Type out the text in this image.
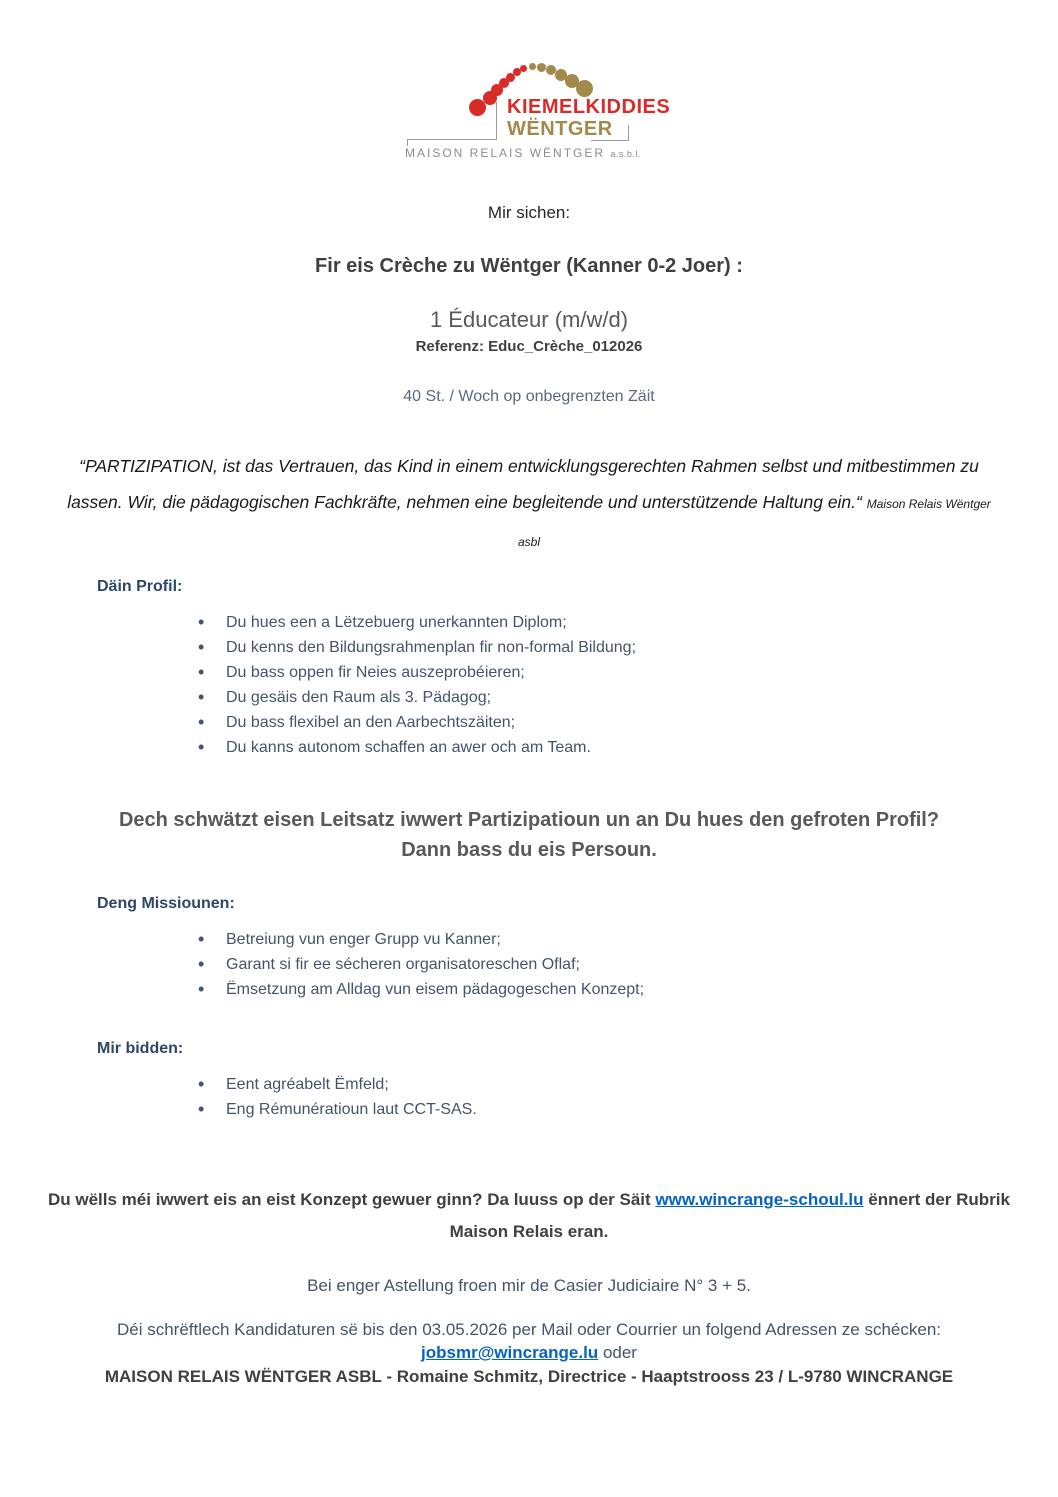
KIEMELKIDDIES
WËNTGER
MAISON RELAIS WËNTGER a.s.b.l.
Mir sichen:
Fir eis Crèche zu Wëntger (Kanner 0-2 Joer) :
1 Éducateur (m/w/d)
Referenz: Educ_Crèche_012026
40 St. / Woch op onbegrenzten Zäit
“PARTIZIPATION, ist das Vertrauen, das Kind in einem entwicklungsgerechten Rahmen selbst und mitbestimmen zu lassen. Wir, die pädagogischen Fachkräfte, nehmen eine begleitende und unterstützende Haltung ein.“ Maison Relais Wëntger asbl
Däin Profil:
• Du hues een a Lëtzebuerg unerkannten Diplom;
• Du kenns den Bildungsrahmenplan fir non-formal Bildung;
• Du bass oppen fir Neies auszeprobéieren;
• Du gesäis den Raum als 3. Pädagog;
• Du bass flexibel an den Aarbechtszäiten;
• Du kanns autonom schaffen an awer och am Team.
Dech schwätzt eisen Leitsatz iwwert Partizipatioun un an Du hues den gefroten Profil?
Dann bass du eis Persoun.
Deng Missiounen:
• Betreiung vun enger Grupp vu Kanner;
• Garant si fir ee sécheren organisatoreschen Oflaf;
• Ëmsetzung am Alldag vun eisem pädagogeschen Konzept;
Mir bidden:
• Eent agréabelt Ëmfeld;
• Eng Rémunératioun laut CCT-SAS.
Du wëlls méi iwwert eis an eist Konzept gewuer ginn? Da luuss op der Säit www.wincrange-schoul.lu ënnert der Rubrik Maison Relais eran.
Bei enger Astellung froen mir de Casier Judiciaire N° 3 + 5.
Déi schrëftlech Kandidaturen së bis den 03.05.2026 per Mail oder Courrier un folgend Adressen ze schécken:
jobsmr@wincrange.lu oder
MAISON RELAIS WËNTGER ASBL - Romaine Schmitz, Directrice - Haaptstrooss 23 / L-9780 WINCRANGE
